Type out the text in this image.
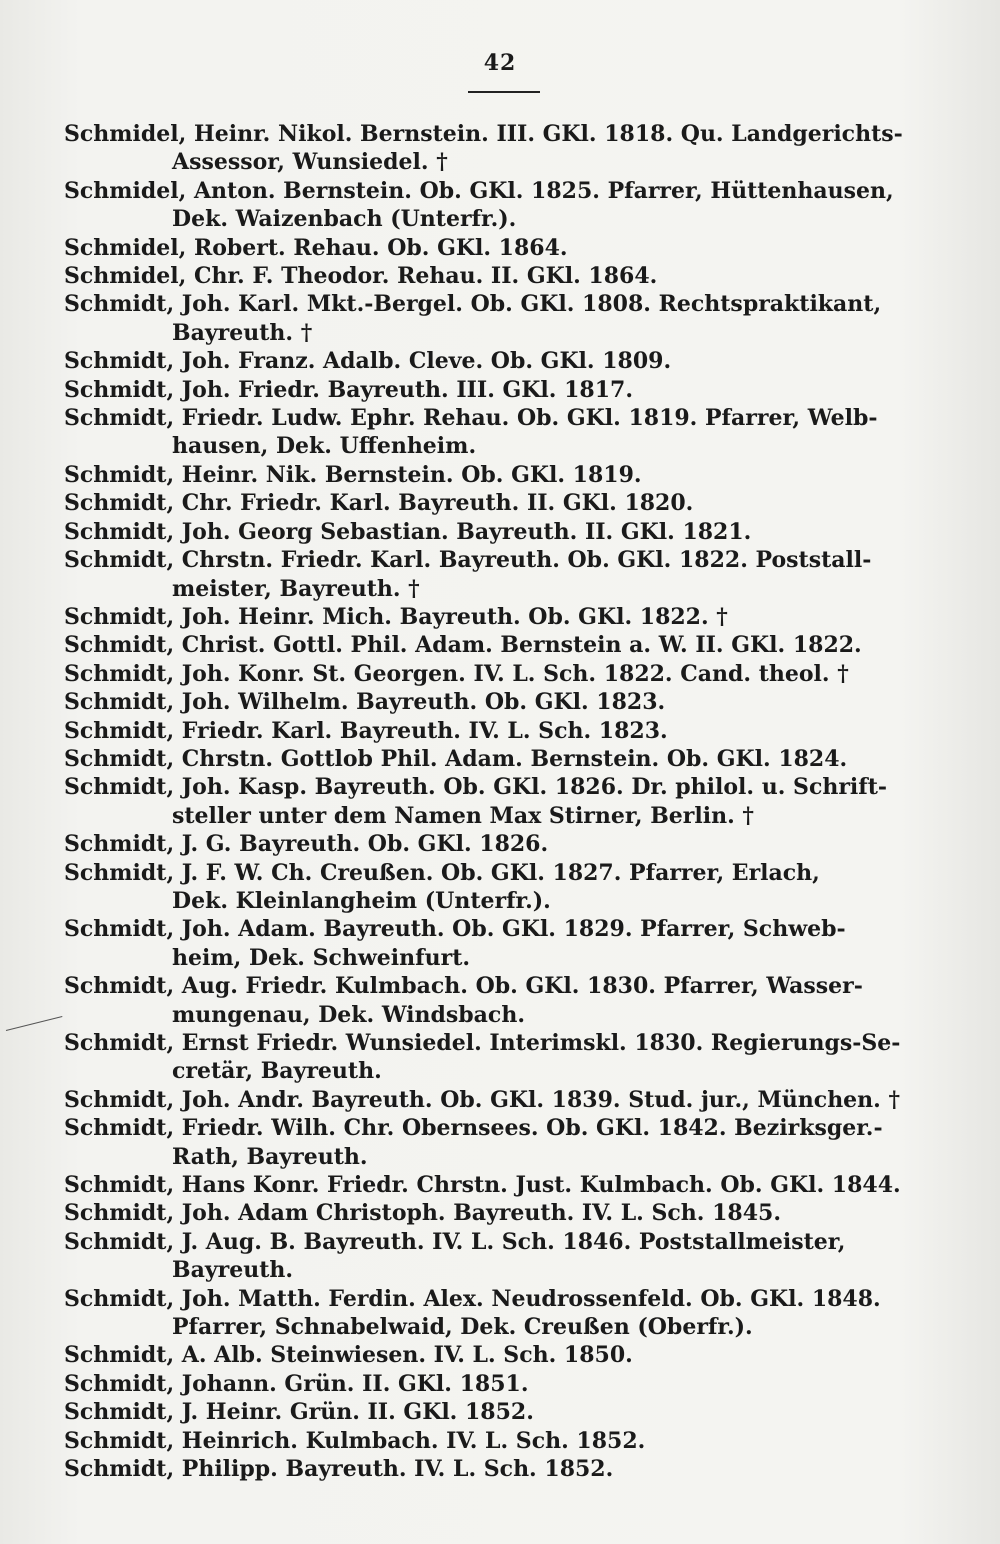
42
Schmidel, Heinr. Nikol. Bernstein. III. GKl. 1818. Qu. Landgerichts-
Assessor, Wunsiedel. †
Schmidel, Anton. Bernstein. Ob. GKl. 1825. Pfarrer, Hüttenhausen,
Dek. Waizenbach (Unterfr.).
Schmidel, Robert. Rehau. Ob. GKl. 1864.
Schmidel, Chr. F. Theodor. Rehau. II. GKl. 1864.
Schmidt, Joh. Karl. Mkt.-Bergel. Ob. GKl. 1808. Rechtspraktikant,
Bayreuth. †
Schmidt, Joh. Franz. Adalb. Cleve. Ob. GKl. 1809.
Schmidt, Joh. Friedr. Bayreuth. III. GKl. 1817.
Schmidt, Friedr. Ludw. Ephr. Rehau. Ob. GKl. 1819. Pfarrer, Welb-
hausen, Dek. Uffenheim.
Schmidt, Heinr. Nik. Bernstein. Ob. GKl. 1819.
Schmidt, Chr. Friedr. Karl. Bayreuth. II. GKl. 1820.
Schmidt, Joh. Georg Sebastian. Bayreuth. II. GKl. 1821.
Schmidt, Chrstn. Friedr. Karl. Bayreuth. Ob. GKl. 1822. Poststall-
meister, Bayreuth. †
Schmidt, Joh. Heinr. Mich. Bayreuth. Ob. GKl. 1822. †
Schmidt, Christ. Gottl. Phil. Adam. Bernstein a. W. II. GKl. 1822.
Schmidt, Joh. Konr. St. Georgen. IV. L. Sch. 1822. Cand. theol. †
Schmidt, Joh. Wilhelm. Bayreuth. Ob. GKl. 1823.
Schmidt, Friedr. Karl. Bayreuth. IV. L. Sch. 1823.
Schmidt, Chrstn. Gottlob Phil. Adam. Bernstein. Ob. GKl. 1824.
Schmidt, Joh. Kasp. Bayreuth. Ob. GKl. 1826. Dr. philol. u. Schrift-
steller unter dem Namen Max Stirner, Berlin. †
Schmidt, J. G. Bayreuth. Ob. GKl. 1826.
Schmidt, J. F. W. Ch. Creußen. Ob. GKl. 1827. Pfarrer, Erlach,
Dek. Kleinlangheim (Unterfr.).
Schmidt, Joh. Adam. Bayreuth. Ob. GKl. 1829. Pfarrer, Schweb-
heim, Dek. Schweinfurt.
Schmidt, Aug. Friedr. Kulmbach. Ob. GKl. 1830. Pfarrer, Wasser-
mungenau, Dek. Windsbach.
Schmidt, Ernst Friedr. Wunsiedel. Interimskl. 1830. Regierungs-Se-
cretär, Bayreuth.
Schmidt, Joh. Andr. Bayreuth. Ob. GKl. 1839. Stud. jur., München. †
Schmidt, Friedr. Wilh. Chr. Obernsees. Ob. GKl. 1842. Bezirksger.-
Rath, Bayreuth.
Schmidt, Hans Konr. Friedr. Chrstn. Just. Kulmbach. Ob. GKl. 1844.
Schmidt, Joh. Adam Christoph. Bayreuth. IV. L. Sch. 1845.
Schmidt, J. Aug. B. Bayreuth. IV. L. Sch. 1846. Poststallmeister,
Bayreuth.
Schmidt, Joh. Matth. Ferdin. Alex. Neudrossenfeld. Ob. GKl. 1848.
Pfarrer, Schnabelwaid, Dek. Creußen (Oberfr.).
Schmidt, A. Alb. Steinwiesen. IV. L. Sch. 1850.
Schmidt, Johann. Grün. II. GKl. 1851.
Schmidt, J. Heinr. Grün. II. GKl. 1852.
Schmidt, Heinrich. Kulmbach. IV. L. Sch. 1852.
Schmidt, Philipp. Bayreuth. IV. L. Sch. 1852.
